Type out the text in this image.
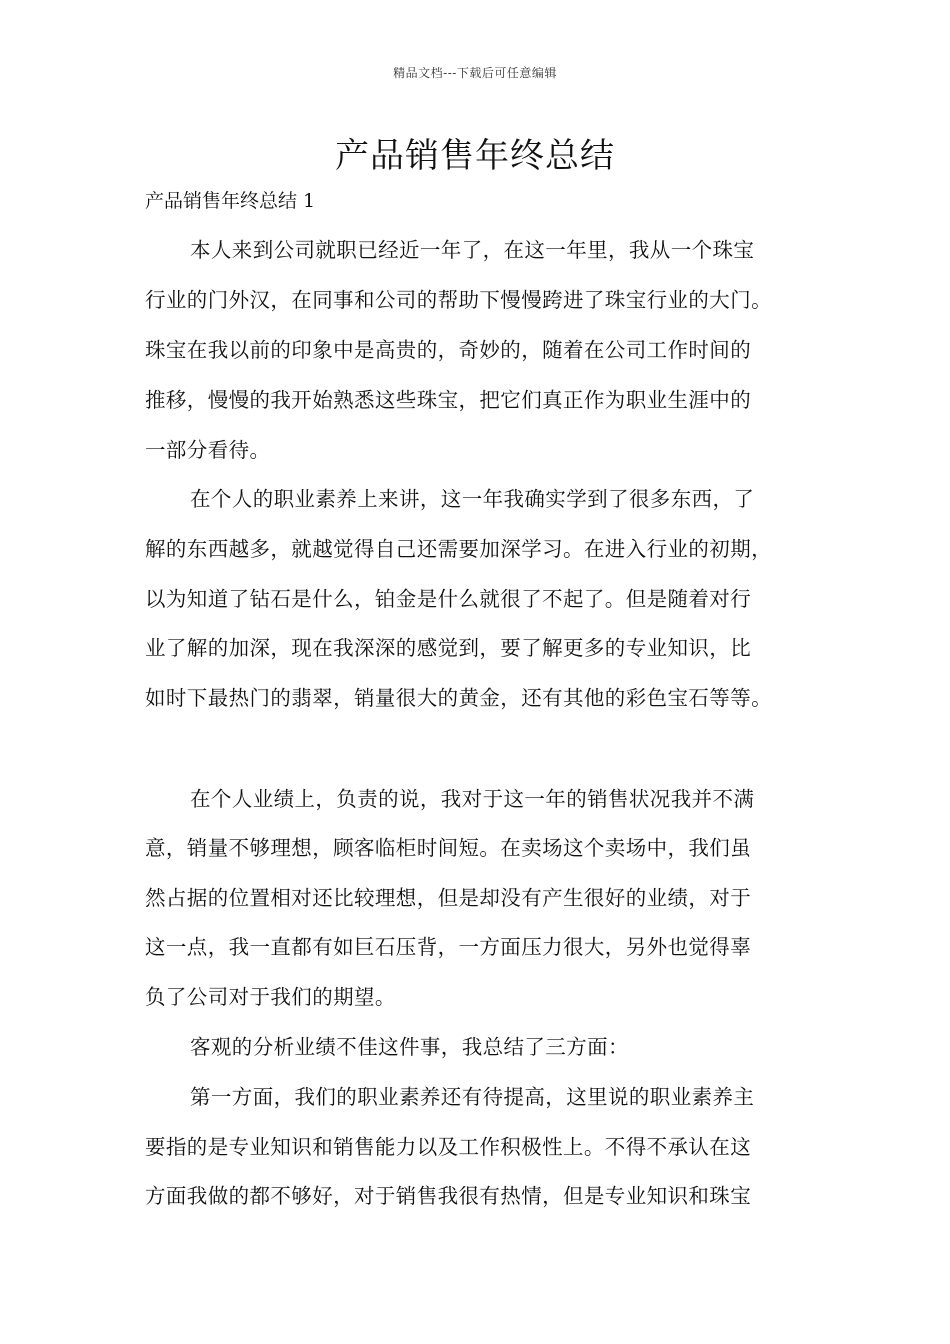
精品文档---下载后可任意编辑
产品销售年终总结

产品销售年终总结 1

本人来到公司就职已经近一年了，在这一年里，我从一个珠宝
行业的门外汉，在同事和公司的帮助下慢慢跨进了珠宝行业的大门。
珠宝在我以前的印象中是高贵的，奇妙的，随着在公司工作时间的
推移，慢慢的我开始熟悉这些珠宝，把它们真正作为职业生涯中的
一部分看待。
在个人的职业素养上来讲，这一年我确实学到了很多东西，了
解的东西越多，就越觉得自己还需要加深学习。在进入行业的初期，
以为知道了钻石是什么，铂金是什么就很了不起了。但是随着对行
业了解的加深，现在我深深的感觉到，要了解更多的专业知识，比
如时下最热门的翡翠，销量很大的黄金，还有其他的彩色宝石等等。
在个人业绩上，负责的说，我对于这一年的销售状况我并不满
意，销量不够理想，顾客临柜时间短。在卖场这个卖场中，我们虽
然占据的位置相对还比较理想，但是却没有产生很好的业绩，对于
这一点，我一直都有如巨石压背，一方面压力很大，另外也觉得辜
负了公司对于我们的期望。
客观的分析业绩不佳这件事，我总结了三方面：
第一方面，我们的职业素养还有待提高，这里说的职业素养主
要指的是专业知识和销售能力以及工作积极性上。不得不承认在这
方面我做的都不够好，对于销售我很有热情，但是专业知识和珠宝
